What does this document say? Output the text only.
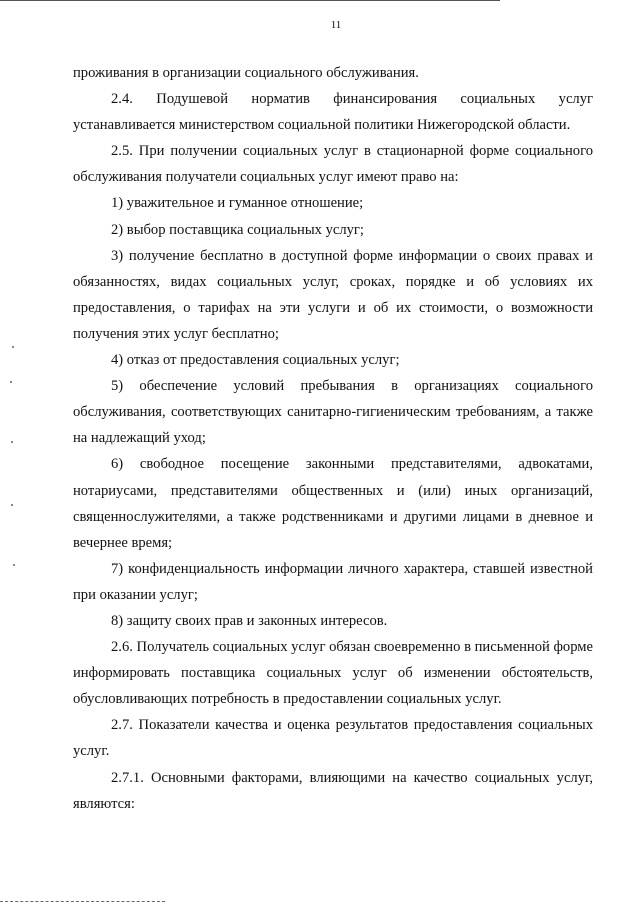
11

проживания в организации социального обслуживания.

2.4. Подушевой норматив финансирования социальных услуг устанавливается министерством социальной политики Нижегородской области.

2.5. При получении социальных услуг в стационарной форме социального обслуживания получатели социальных услуг имеют право на:

1) уважительное и гуманное отношение;

2) выбор поставщика социальных услуг;

3) получение бесплатно в доступной форме информации о своих правах и обязанностях, видах социальных услуг, сроках, порядке и об условиях их предоставления, о тарифах на эти услуги и об их стоимости, о возможности получения этих услуг бесплатно;

4) отказ от предоставления социальных услуг;

5) обеспечение условий пребывания в организациях социального обслуживания, соответствующих санитарно-гигиеническим требованиям, а также на надлежащий уход;

6) свободное посещение законными представителями, адвокатами, нотариусами, представителями общественных и (или) иных организаций, священнослужителями, а также родственниками и другими лицами в дневное и вечернее время;

7) конфиденциальность информации личного характера, ставшей известной при оказании услуг;

8) защиту своих прав и законных интересов.

2.6. Получатель социальных услуг обязан своевременно в письменной форме информировать поставщика социальных услуг об изменении обстоятельств, обусловливающих потребность в предоставлении социальных услуг.

2.7. Показатели качества и оценка результатов предоставления социальных услуг.

2.7.1. Основными факторами, влияющими на качество социальных услуг, являются:
